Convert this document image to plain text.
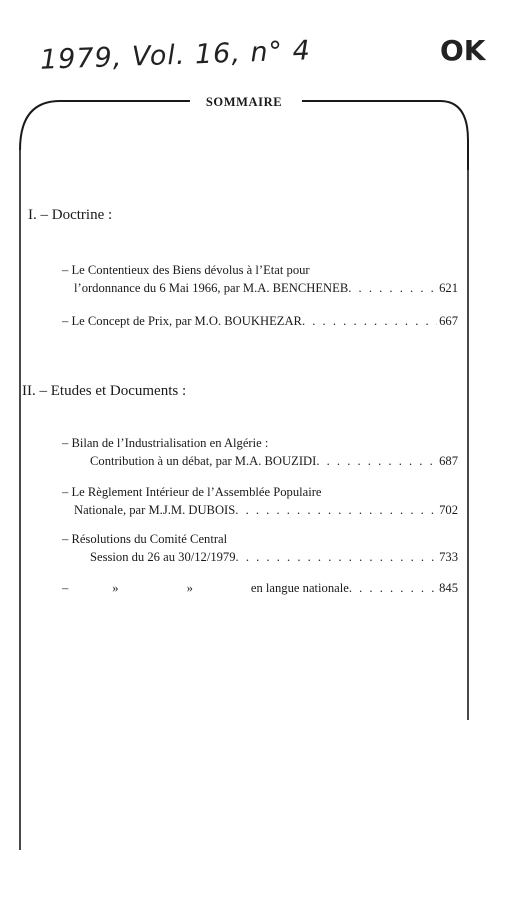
1979, Vol. 16, n° 4	OK
SOMMAIRE
I. – Doctrine :
– Le Contentieux des Biens dévolus à l’Etat pour
l’ordonnance du 6 Mai 1966, par M.A. BENCHENEB . . .	621
– Le Concept de Prix, par M.O. BOUKHEZAR . . .	667
II. – Etudes et Documents :
– Bilan de l’Industrialisation en Algérie :
Contribution à un débat, par M.A. BOUZIDI . . .	687
– Le Règlement Intérieur de l’Assemblée Populaire
Nationale, par M.J.M. DUBOIS . . .	702
– Résolutions du Comité Central
Session du 26 au 30/12/1979 . . .	733
–	»	»	en langue nationale . . .	845
